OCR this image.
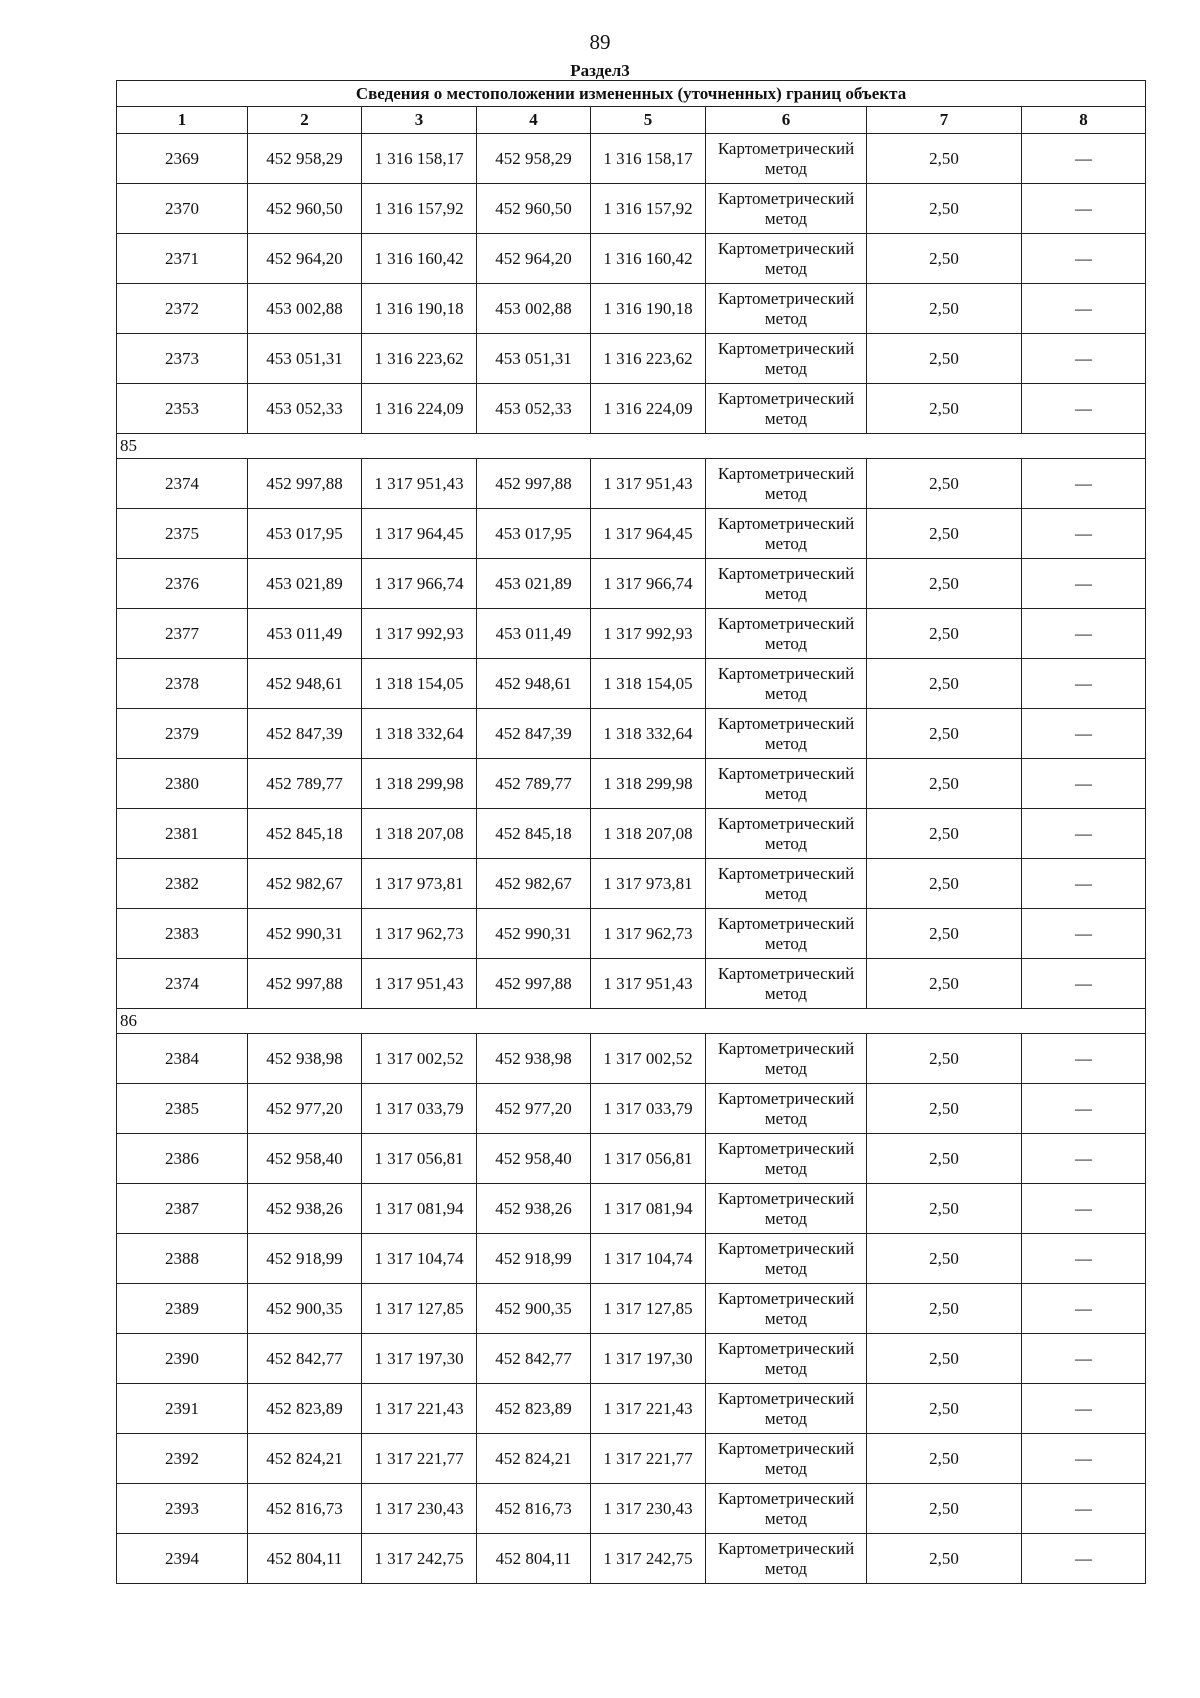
89
Раздел3
Сведения о местоположении измененных (уточненных) границ объекта							
1	2	3	4	5	6	7	8
2369	452 958,29	1 316 158,17	452 958,29	1 316 158,17	Картометрический метод	2,50	—
2370	452 960,50	1 316 157,92	452 960,50	1 316 157,92	Картометрический метод	2,50	—
2371	452 964,20	1 316 160,42	452 964,20	1 316 160,42	Картометрический метод	2,50	—
2372	453 002,88	1 316 190,18	453 002,88	1 316 190,18	Картометрический метод	2,50	—
2373	453 051,31	1 316 223,62	453 051,31	1 316 223,62	Картометрический метод	2,50	—
2353	453 052,33	1 316 224,09	453 052,33	1 316 224,09	Картометрический метод	2,50	—
85							
2374	452 997,88	1 317 951,43	452 997,88	1 317 951,43	Картометрический метод	2,50	—
2375	453 017,95	1 317 964,45	453 017,95	1 317 964,45	Картометрический метод	2,50	—
2376	453 021,89	1 317 966,74	453 021,89	1 317 966,74	Картометрический метод	2,50	—
2377	453 011,49	1 317 992,93	453 011,49	1 317 992,93	Картометрический метод	2,50	—
2378	452 948,61	1 318 154,05	452 948,61	1 318 154,05	Картометрический метод	2,50	—
2379	452 847,39	1 318 332,64	452 847,39	1 318 332,64	Картометрический метод	2,50	—
2380	452 789,77	1 318 299,98	452 789,77	1 318 299,98	Картометрический метод	2,50	—
2381	452 845,18	1 318 207,08	452 845,18	1 318 207,08	Картометрический метод	2,50	—
2382	452 982,67	1 317 973,81	452 982,67	1 317 973,81	Картометрический метод	2,50	—
2383	452 990,31	1 317 962,73	452 990,31	1 317 962,73	Картометрический метод	2,50	—
2374	452 997,88	1 317 951,43	452 997,88	1 317 951,43	Картометрический метод	2,50	—
86							
2384	452 938,98	1 317 002,52	452 938,98	1 317 002,52	Картометрический метод	2,50	—
2385	452 977,20	1 317 033,79	452 977,20	1 317 033,79	Картометрический метод	2,50	—
2386	452 958,40	1 317 056,81	452 958,40	1 317 056,81	Картометрический метод	2,50	—
2387	452 938,26	1 317 081,94	452 938,26	1 317 081,94	Картометрический метод	2,50	—
2388	452 918,99	1 317 104,74	452 918,99	1 317 104,74	Картометрический метод	2,50	—
2389	452 900,35	1 317 127,85	452 900,35	1 317 127,85	Картометрический метод	2,50	—
2390	452 842,77	1 317 197,30	452 842,77	1 317 197,30	Картометрический метод	2,50	—
2391	452 823,89	1 317 221,43	452 823,89	1 317 221,43	Картометрический метод	2,50	—
2392	452 824,21	1 317 221,77	452 824,21	1 317 221,77	Картометрический метод	2,50	—
2393	452 816,73	1 317 230,43	452 816,73	1 317 230,43	Картометрический метод	2,50	—
2394	452 804,11	1 317 242,75	452 804,11	1 317 242,75	Картометрический метод	2,50	—
